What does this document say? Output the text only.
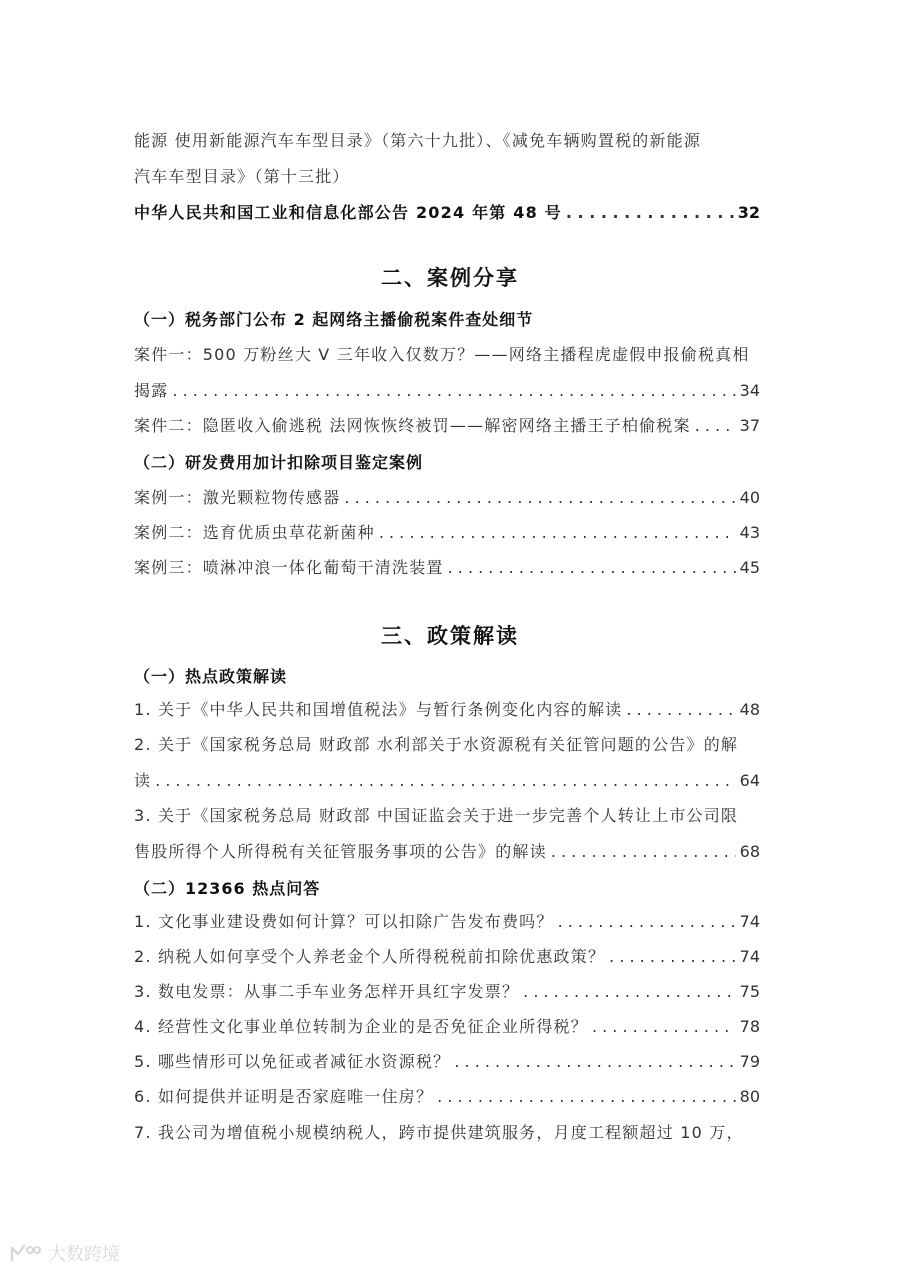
能源 使用新能源汽车车型目录》（第六十九批）、《减免车辆购置税的新能源
汽车车型目录》（第十三批）
中华人民共和国工业和信息化部公告 2024 年第 48 号 . . .	32
二、案例分享
（一）税务部门公布 2 起网络主播偷税案件查处细节
案件一：500 万粉丝大 V 三年收入仅数万？——网络主播程虎虚假申报偷税真相
揭露 . . .	34
案件二：隐匿收入偷逃税 法网恢恢终被罚——解密网络主播王子柏偷税案 . . .	37
（二）研发费用加计扣除项目鉴定案例
案例一：激光颗粒物传感器 . . .	40
案例二：选育优质虫草花新菌种 . . .	43
案例三：喷淋冲浪一体化葡萄干清洗装置 . . .	45
三、政策解读
（一）热点政策解读
1. 关于《中华人民共和国增值税法》与暂行条例变化内容的解读 . . .	48
2. 关于《国家税务总局 财政部 水利部关于水资源税有关征管问题的公告》的解
读 . . .	64
3. 关于《国家税务总局 财政部 中国证监会关于进一步完善个人转让上市公司限
售股所得个人所得税有关征管服务事项的公告》的解读 . . .	68
（二）12366 热点问答
1. 文化事业建设费如何计算？可以扣除广告发布费吗？ . . .	74
2. 纳税人如何享受个人养老金个人所得税税前扣除优惠政策？ . . .	74
3. 数电发票：从事二手车业务怎样开具红字发票？ . . .	75
4. 经营性文化事业单位转制为企业的是否免征企业所得税？ . . .	78
5. 哪些情形可以免征或者减征水资源税？ . . .	79
6. 如何提供并证明是否家庭唯一住房？ . . .	80
7. 我公司为增值税小规模纳税人，跨市提供建筑服务，月度工程额超过 10 万，
大数跨境
